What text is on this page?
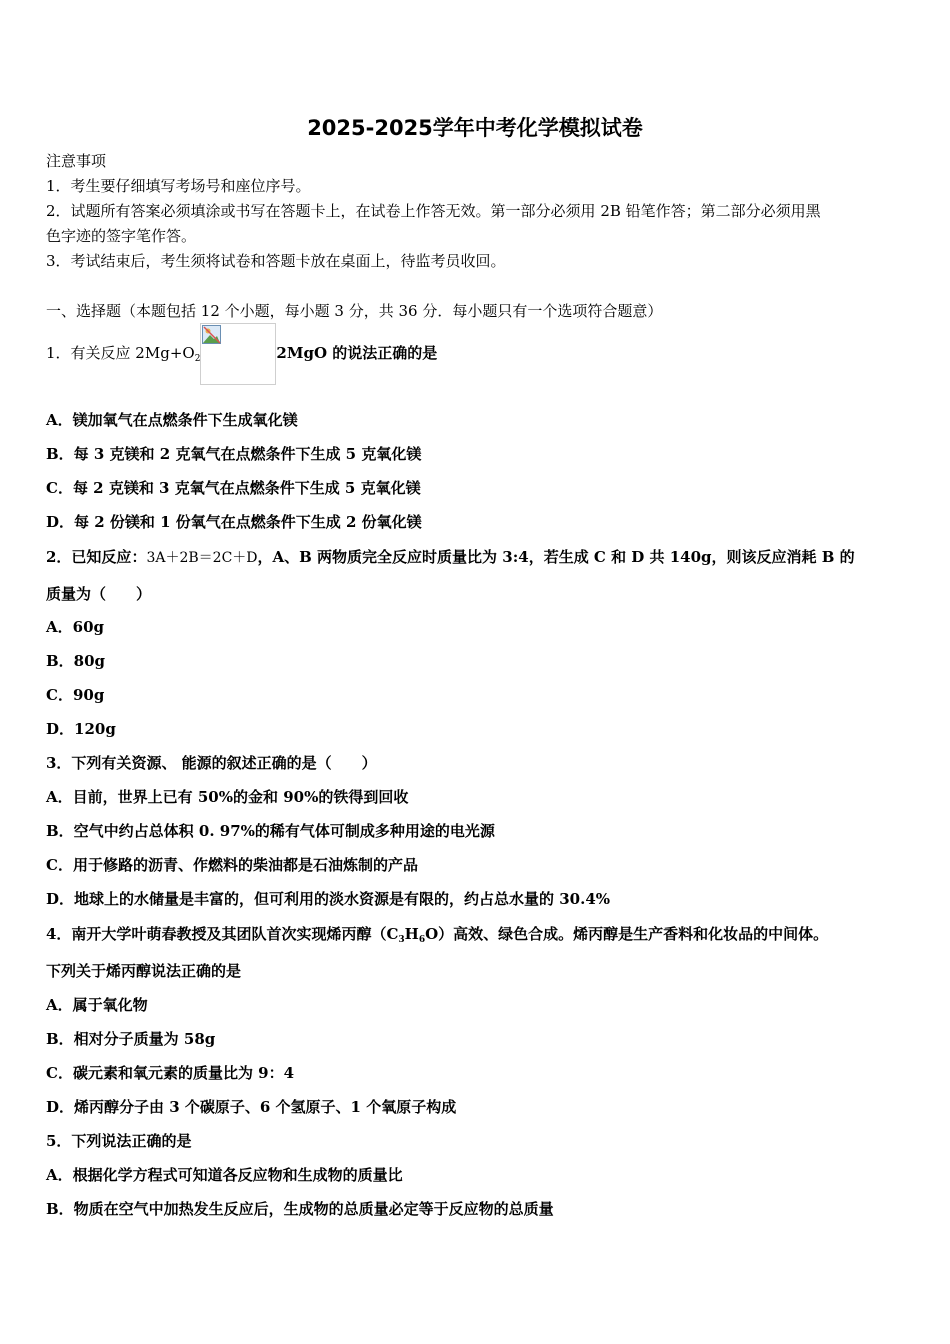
2025-2025学年中考化学模拟试卷
注意事项
1．考生要仔细填写考场号和座位序号。
2．试题所有答案必须填涂或书写在答题卡上，在试卷上作答无效。第一部分必须用 2B 铅笔作答；第二部分必须用黑
色字迹的签字笔作答。
3．考试结束后，考生须将试卷和答题卡放在桌面上，待监考员收回。
一、选择题（本题包括 12 个小题，每小题 3 分，共 36 分．每小题只有一个选项符合题意）
1．有关反应 $2Mg+O_2$	2MgO 的说法正确的是
A．镁加氧气在点燃条件下生成氧化镁
B．每 3 克镁和 2 克氧气在点燃条件下生成 5 克氧化镁
C．每 2 克镁和 3 克氧气在点燃条件下生成 5 克氧化镁
D．每 2 份镁和 1 份氧气在点燃条件下生成 2 份氧化镁
2．已知反应：3A＋2B＝2C＋D，A、B 两物质完全反应时质量比为 3:4，若生成 C 和 D 共 140g，则该反应消耗 B 的
质量为（　　）
A．60g
B．80g
C．90g
D．120g
3．下列有关资源、 能源的叙述正确的是（　　）
A．目前，世界上已有 50%的金和 90%的铁得到回收
B．空气中约占总体积 0. 97%的稀有气体可制成多种用途的电光源
C．用于修路的沥青、作燃料的柴油都是石油炼制的产品
D．地球上的水储量是丰富的，但可利用的淡水资源是有限的，约占总水量的 30.4%
4．南开大学叶萌春教授及其团队首次实现烯丙醇$(C_3H_6O)$高效、绿色合成。烯丙醇是生产香料和化妆品的中间体。
下列关于烯丙醇说法正确的是
A．属于氧化物
B．相对分子质量为 58g
C．碳元素和氧元素的质量比为 9：4
D．烯丙醇分子由 3 个碳原子、6 个氢原子、1 个氧原子构成
5．下列说法正确的是
A．根据化学方程式可知道各反应物和生成物的质量比
B．物质在空气中加热发生反应后，生成物的总质量必定等于反应物的总质量
